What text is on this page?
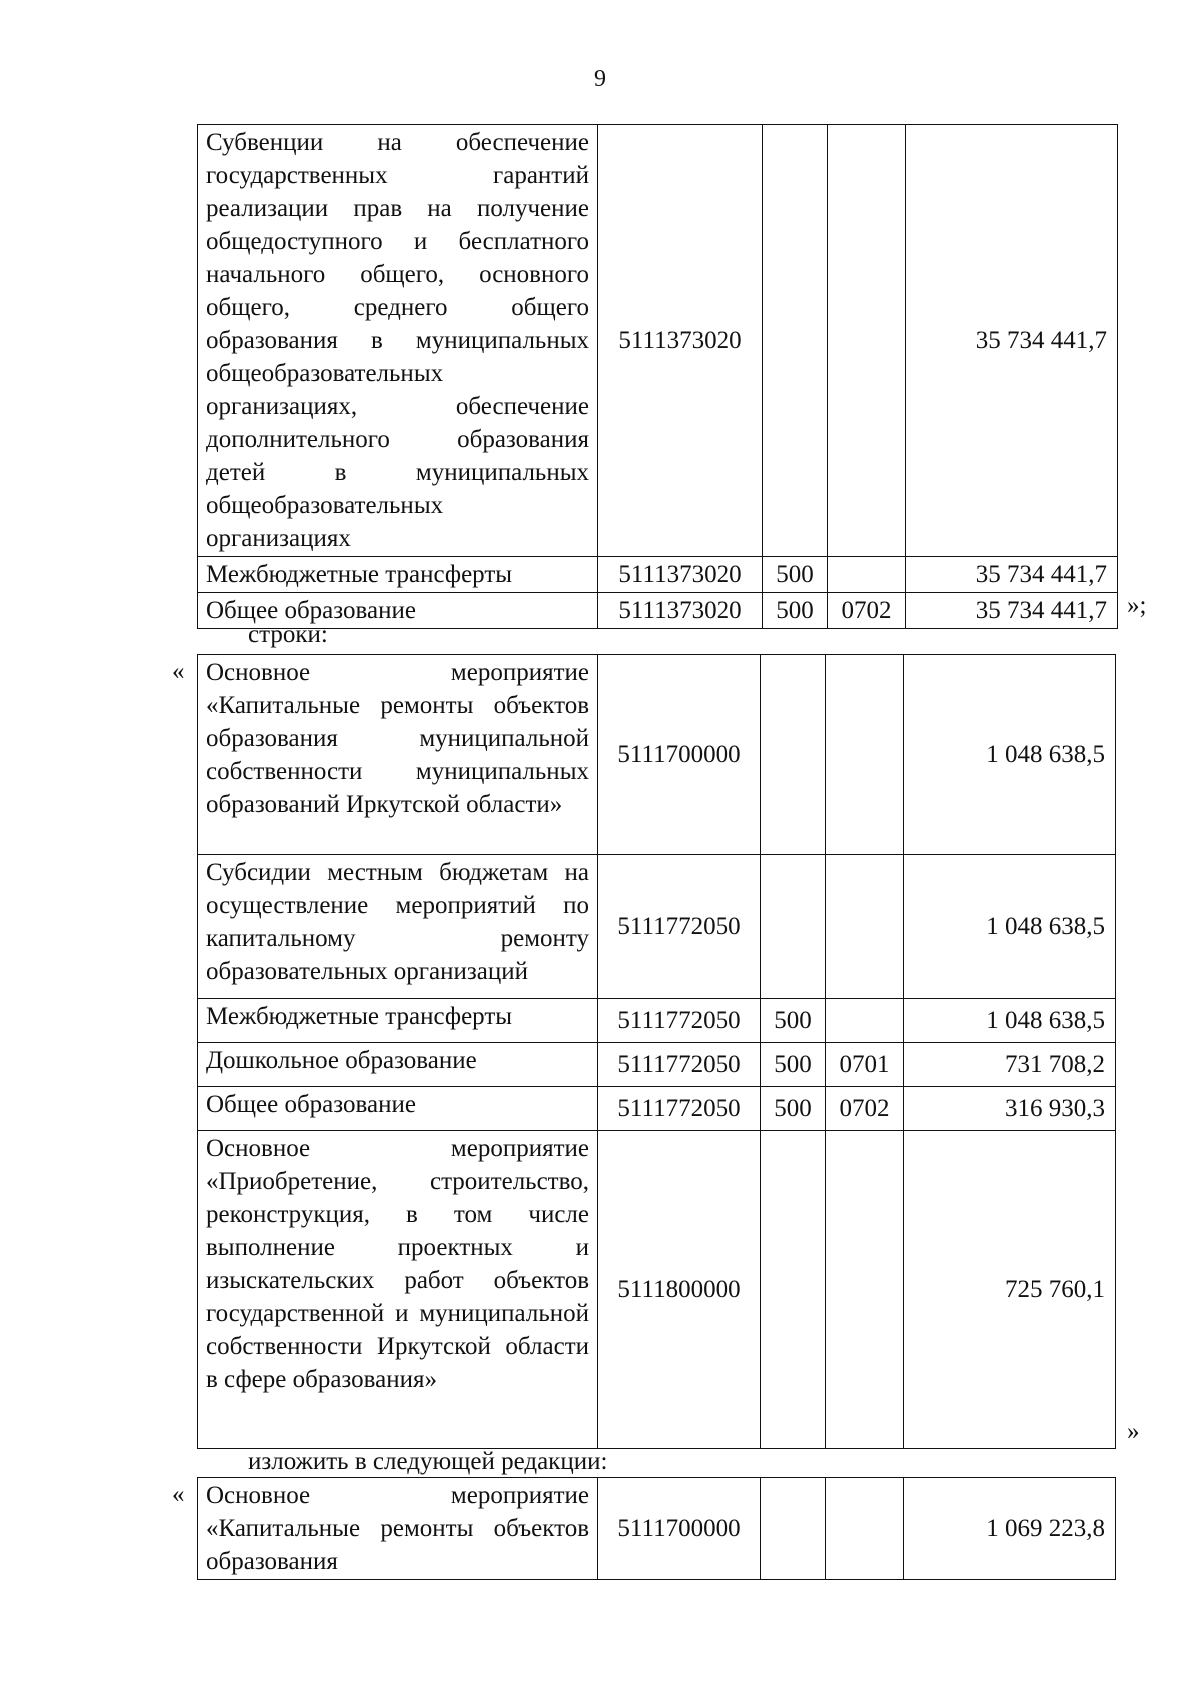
9
Субвенции на обеспечение государственных гарантий реализации прав на получение общедоступного и бесплатного начального общего, основного общего, среднего общего образования в муниципальных общеобразовательных организациях, обеспечение дополнительного образования детей в муниципальных общеобразовательных организациях	5111373020			35 734 441,7
Межбюджетные трансферты	5111373020	500		35 734 441,7
Общее образование	5111373020	500	0702	35 734 441,7 »;
строки:
« Основное мероприятие «Капитальные ремонты объектов образования муниципальной собственности муниципальных образований Иркутской области»	5111700000			1 048 638,5
Субсидии местным бюджетам на осуществление мероприятий по капитальному ремонту образовательных организаций	5111772050			1 048 638,5
Межбюджетные трансферты	5111772050	500		1 048 638,5
Дошкольное образование	5111772050	500	0701	731 708,2
Общее образование	5111772050	500	0702	316 930,3
Основное мероприятие «Приобретение, строительство, реконструкция, в том числе выполнение проектных и изыскательских работ объектов государственной и муниципальной собственности Иркутской области в сфере образования»	5111800000			725 760,1
»
изложить в следующей редакции:
« Основное мероприятие «Капитальные ремонты объектов образования	5111700000			1 069 223,8
